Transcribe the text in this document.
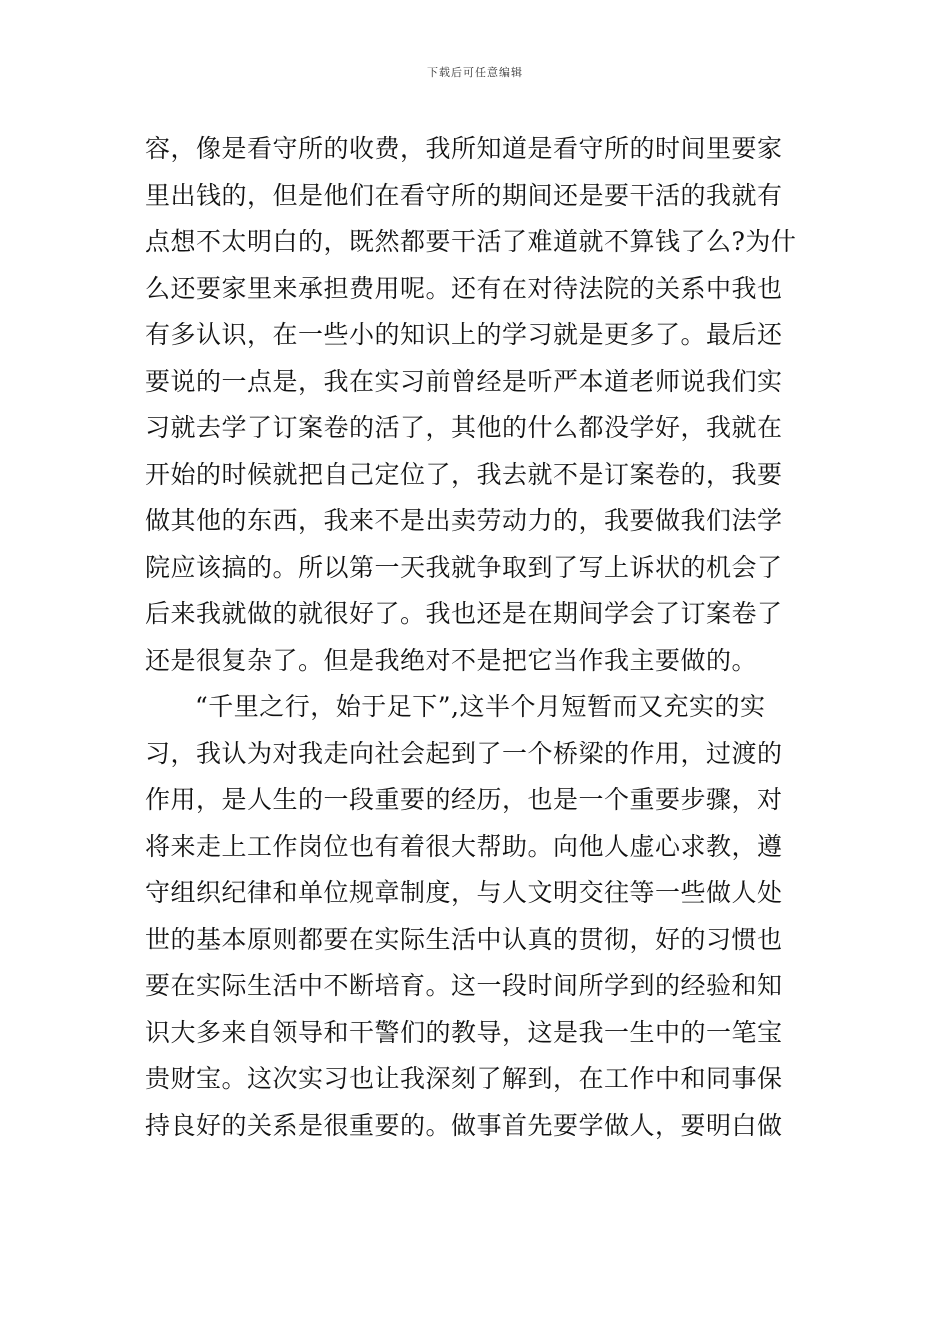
下载后可任意编辑
容，像是看守所的收费，我所知道是看守所的时间里要家
里出钱的，但是他们在看守所的期间还是要干活的我就有
点想不太明白的，既然都要干活了难道就不算钱了么?为什
么还要家里来承担费用呢。还有在对待法院的关系中我也
有多认识，在一些小的知识上的学习就是更多了。最后还
要说的一点是，我在实习前曾经是听严本道老师说我们实
习就去学了订案卷的活了，其他的什么都没学好，我就在
开始的时候就把自己定位了，我去就不是订案卷的，我要
做其他的东西，我来不是出卖劳动力的，我要做我们法学
院应该搞的。所以第一天我就争取到了写上诉状的机会了
后来我就做的就很好了。我也还是在期间学会了订案卷了
还是很复杂了。但是我绝对不是把它当作我主要做的。
“千里之行，始于足下”,这半个月短暂而又充实的实
习，我认为对我走向社会起到了一个桥梁的作用，过渡的
作用，是人生的一段重要的经历，也是一个重要步骤，对
将来走上工作岗位也有着很大帮助。向他人虚心求教，遵
守组织纪律和单位规章制度，与人文明交往等一些做人处
世的基本原则都要在实际生活中认真的贯彻，好的习惯也
要在实际生活中不断培育。这一段时间所学到的经验和知
识大多来自领导和干警们的教导，这是我一生中的一笔宝
贵财宝。这次实习也让我深刻了解到，在工作中和同事保
持良好的关系是很重要的。做事首先要学做人，要明白做
